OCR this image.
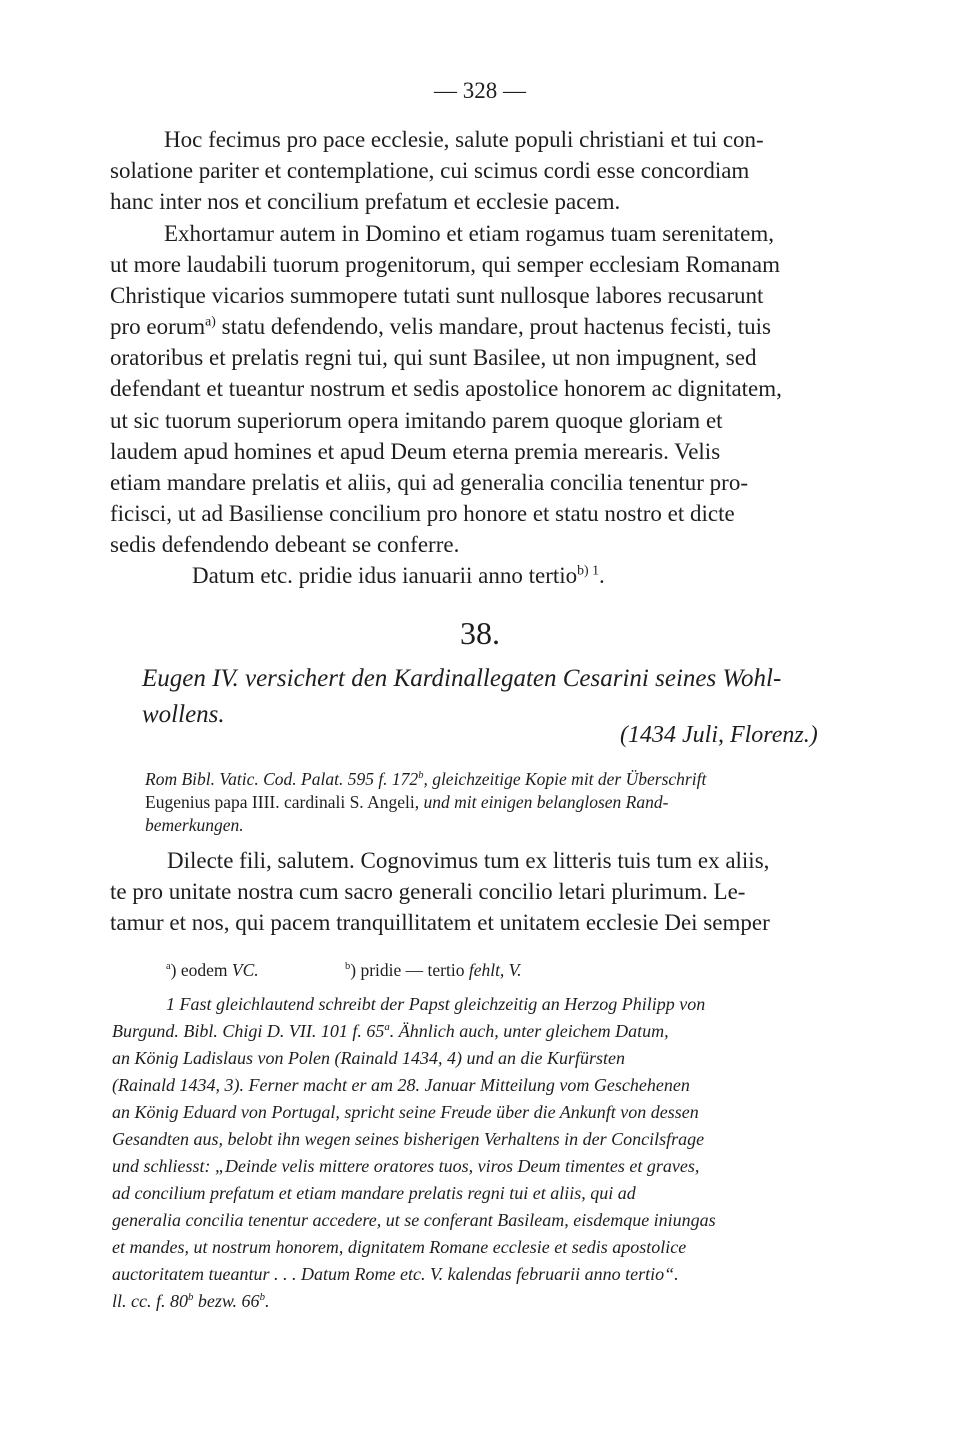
— 328 —
Hoc fecimus pro pace ecclesie, salute populi christiani et tui con-
solatione pariter et contemplatione, cui scimus cordi esse concordiam
hanc inter nos et concilium prefatum et ecclesie pacem.
Exhortamur autem in Domino et etiam rogamus tuam serenitatem,
ut more laudabili tuorum progenitorum, qui semper ecclesiam Romanam
Christique vicarios summopere tutati sunt nullosque labores recusarunt
pro eorum$^{a)}$ statu defendendo, velis mandare, prout hactenus fecisti, tuis
oratoribus et prelatis regni tui, qui sunt Basilee, ut non impugnent, sed
defendant et tueantur nostrum et sedis apostolice honorem ac dignitatem,
ut sic tuorum superiorum opera imitando parem quoque gloriam et
laudem apud homines et apud Deum eterna premia merearis. Velis
etiam mandare prelatis et aliis, qui ad generalia concilia tenentur pro-
ficisci, ut ad Basiliense concilium pro honore et statu nostro et dicte
sedis defendendo debeant se conferre.
Datum etc. pridie idus ianuarii anno tertio$^{b) 1}$.
38.
Eugen IV. versichert den Kardinallegaten Cesarini seines Wohl-
wollens.
(1434 Juli, Florenz.)
Rom Bibl. Vatic. Cod. Palat. 595 f. 172$^b$, gleichzeitige Kopie mit der Überschrift
Eugenius papa IIII. cardinali S. Angeli, und mit einigen belanglosen Rand-
bemerkungen.
Dilecte fili, salutem. Cognovimus tum ex litteris tuis tum ex aliis,
te pro unitate nostra cum sacro generali concilio letari plurimum. Le-
tamur et nos, qui pacem tranquillitatem et unitatem ecclesie Dei semper
$^a$) eodem VC.	$^b$) pridie — tertio fehlt, V.
1 Fast gleichlautend schreibt der Papst gleichzeitig an Herzog Philipp von
Burgund. Bibl. Chigi D. VII. 101 f. 65$^a$. Ähnlich auch, unter gleichem Datum,
an König Ladislaus von Polen (Rainald 1434, 4) und an die Kurfürsten
(Rainald 1434, 3). Ferner macht er am 28. Januar Mitteilung vom Geschehenen
an König Eduard von Portugal, spricht seine Freude über die Ankunft von dessen
Gesandten aus, belobt ihn wegen seines bisherigen Verhaltens in der Concilsfrage
und schliesst: „Deinde velis mittere oratores tuos, viros Deum timentes et graves,
ad concilium prefatum et etiam mandare prelatis regni tui et aliis, qui ad
generalia concilia tenentur accedere, ut se conferant Basileam, eisdemque iniungas
et mandes, ut nostrum honorem, dignitatem Romane ecclesie et sedis apostolice
auctoritatem tueantur . . . Datum Rome etc. V. kalendas februarii anno tertio“.
ll. cc. f. 80$^b$ bezw. 66$^b$.
